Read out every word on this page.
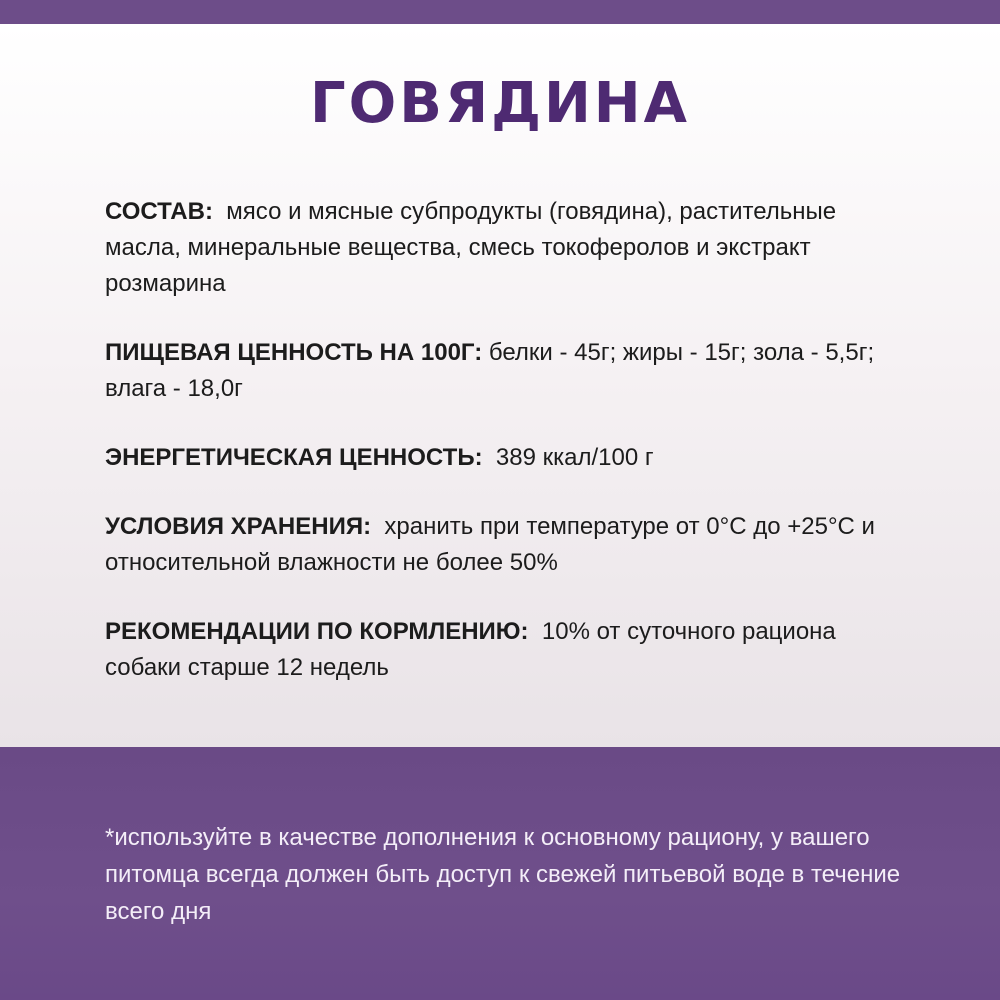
ГОВЯДИНА
СОСТАВ: мясо и мясные субпродукты (говядина), растительные масла, минеральные вещества, смесь токоферолов и экстракт розмарина
ПИЩЕВАЯ ЦЕННОСТЬ НА 100Г: белки - 45г; жиры - 15г; зола - 5,5г; влага - 18,0г
ЭНЕРГЕТИЧЕСКАЯ ЦЕННОСТЬ: 389 ккал/100 г
УСЛОВИЯ ХРАНЕНИЯ: хранить при температуре от 0°С до +25°С и относительной влажности не более 50%
РЕКОМЕНДАЦИИ ПО КОРМЛЕНИЮ: 10% от суточного рациона собаки старше 12 недель
*используйте в качестве дополнения к основному рациону, у вашего питомца всегда должен быть доступ к свежей питьевой воде в течение всего дня
